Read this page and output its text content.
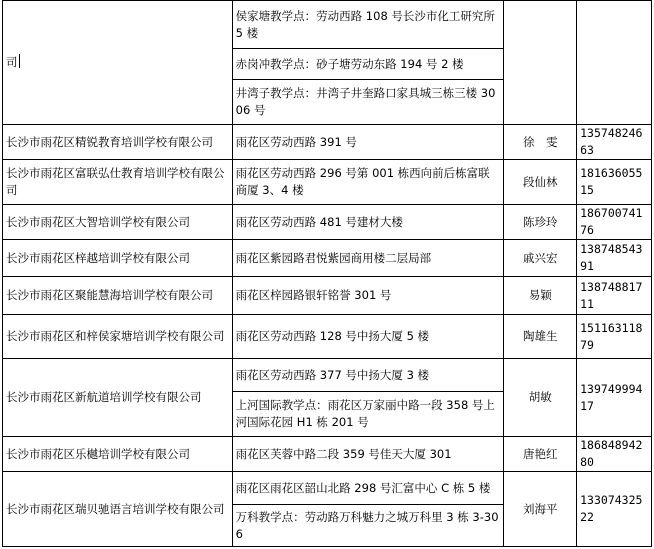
司	侯家塘教学点：劳动西路 108 号长沙市化工研究所 5 楼		
	赤岗冲教学点：砂子塘劳动东路 194 号 2 楼		
	井湾子教学点：井湾子井奎路口家具城三栋三楼 3006 号		
长沙市雨花区精锐教育培训学校有限公司	雨花区劳动西路 391 号	徐　雯	13574824663
长沙市雨花区富联弘仕教育培训学校有限公司	雨花区劳动西路 296 号第 001 栋西向前后栋富联商厦 3、4 楼	段仙林	18163605515
长沙市雨花区大智培训学校有限公司	雨花区劳动西路 481 号建材大楼	陈珍玲	18670074176
长沙市雨花区梓越培训学校有限公司	雨花区紫园路君悦紫园商用楼二层局部	戚兴宏	13874854391
长沙市雨花区聚能慧海培训学校有限公司	雨花区梓园路银轩铭誉 301 号	易颖	13874881711
长沙市雨花区和梓侯家塘培训学校有限公司	雨花区劳动西路 128 号中扬大厦 5 楼	陶雄生	15116311879
长沙市雨花区新航道培训学校有限公司	雨花区劳动西路 377 号中扬大厦 3 楼	胡敏	13974999417
	上河国际教学点：雨花区万家丽中路一段 358 号上河国际花园 H1 栋 201 号		
长沙市雨花区乐樾培训学校有限公司	雨花区芙蓉中路二段 359 号佳天大厦 301	唐艳红	18684894280
长沙市雨花区瑞贝驰语言培训学校有限公司	雨花区雨花区韶山北路 298 号汇富中心 C 栋 5 楼	刘海平	13307432522
	万科教学点：劳动路万科魅力之城万科里 3 栋 3-306		
